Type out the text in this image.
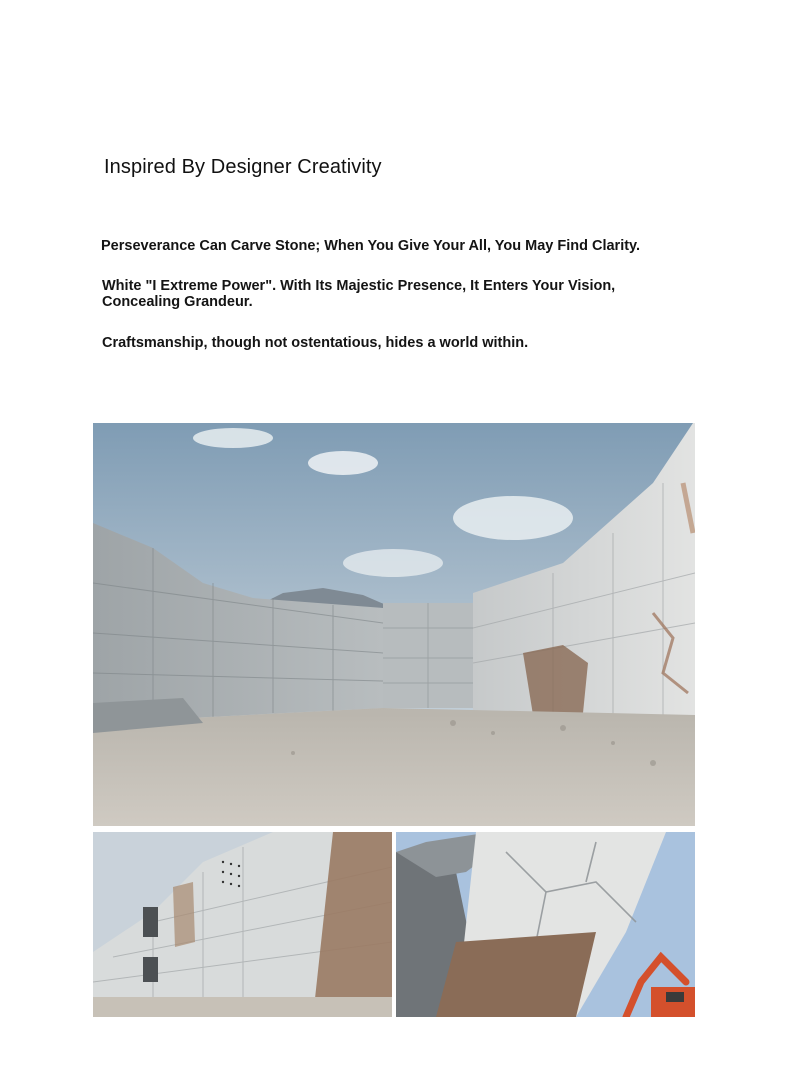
Inspired By Designer Creativity

Perseverance Can Carve Stone; When You Give Your All, You May Find Clarity.

White "I Extreme Power". With Its Majestic Presence, It Enters Your Vision, Concealing Grandeur.

Craftsmanship, though not ostentatious, hides a world within.
